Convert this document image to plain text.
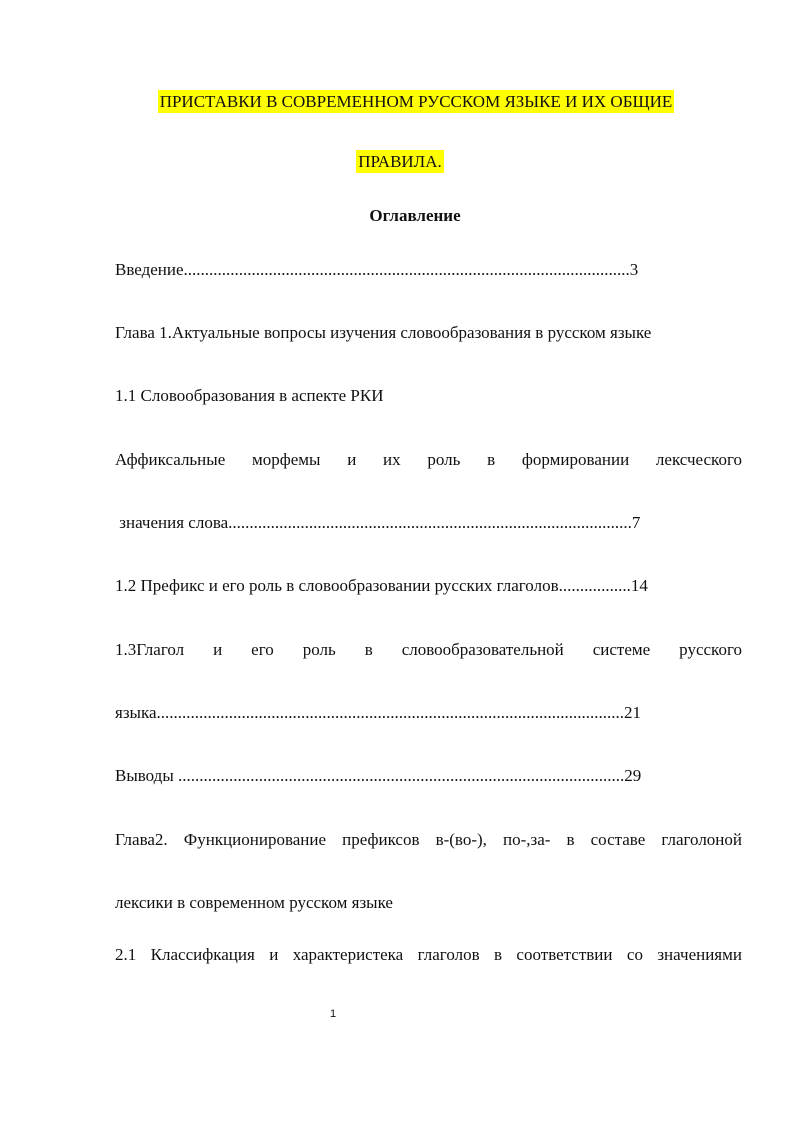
ПРИСТАВКИ В СОВРЕМЕННОМ РУССКОМ ЯЗЫКЕ И ИХ ОБЩИЕ
ПРАВИЛА.
Оглавление
Введение.........................................................................................................3
Глава 1.Актуальные вопросы изучения словообразования в русском языке
1.1 Словообразования в аспекте РКИ
Аффиксальные морфемы и их роль в формировании лексческого
значения слова...............................................................................................7
1.2 Префикс и его роль в словообразовании русских глаголов.................14
1.3Глагол и его роль в словообразовательной системе русского
языка..............................................................................................................21
Выводы .........................................................................................................29
Глава2. Функционирование префиксов в-(во-), по-,за- в составе глаголоной
лексики в современном русском языке
2.1 Классифкация и характеристека глаголов в соответствии со значениями
1
